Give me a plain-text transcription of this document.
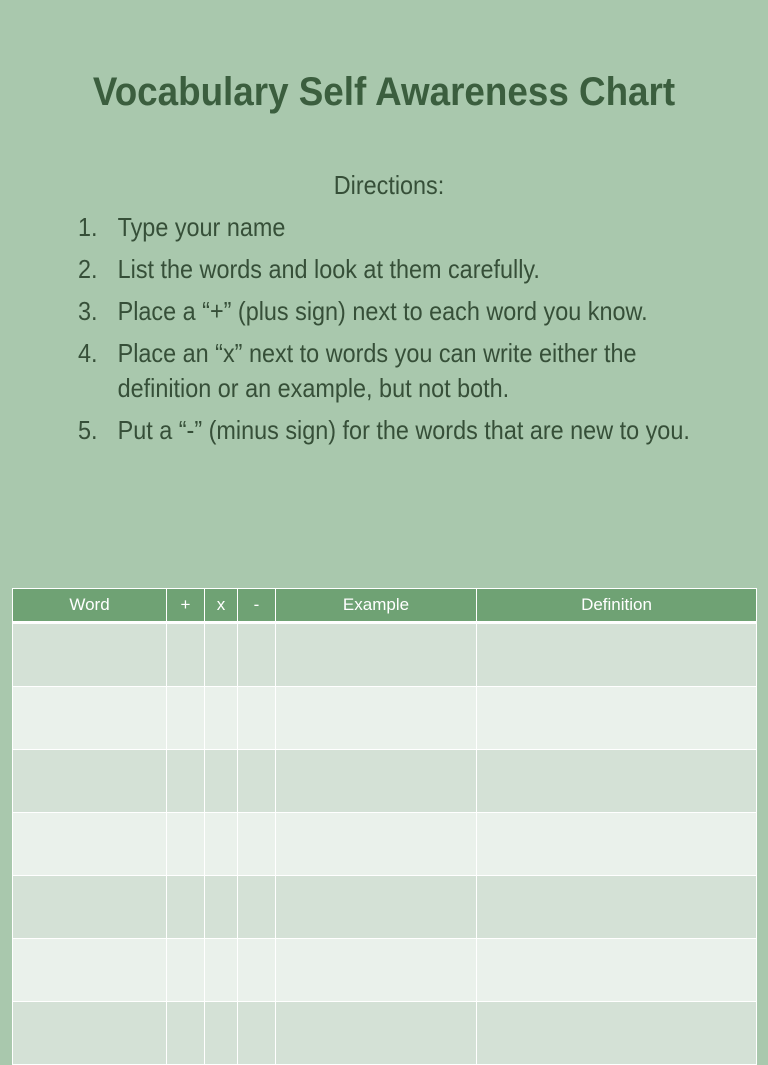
Vocabulary Self Awareness Chart
Directions:
1. Type your name
2. List the words and look at them carefully.
3. Place a “+” (plus sign) next to each word you know.
4. Place an “x” next to words you can write either the definition or an example, but not both.
5. Put a “-” (minus sign) for the words that are new to you.
Word	+	x	-	Example	Definition
